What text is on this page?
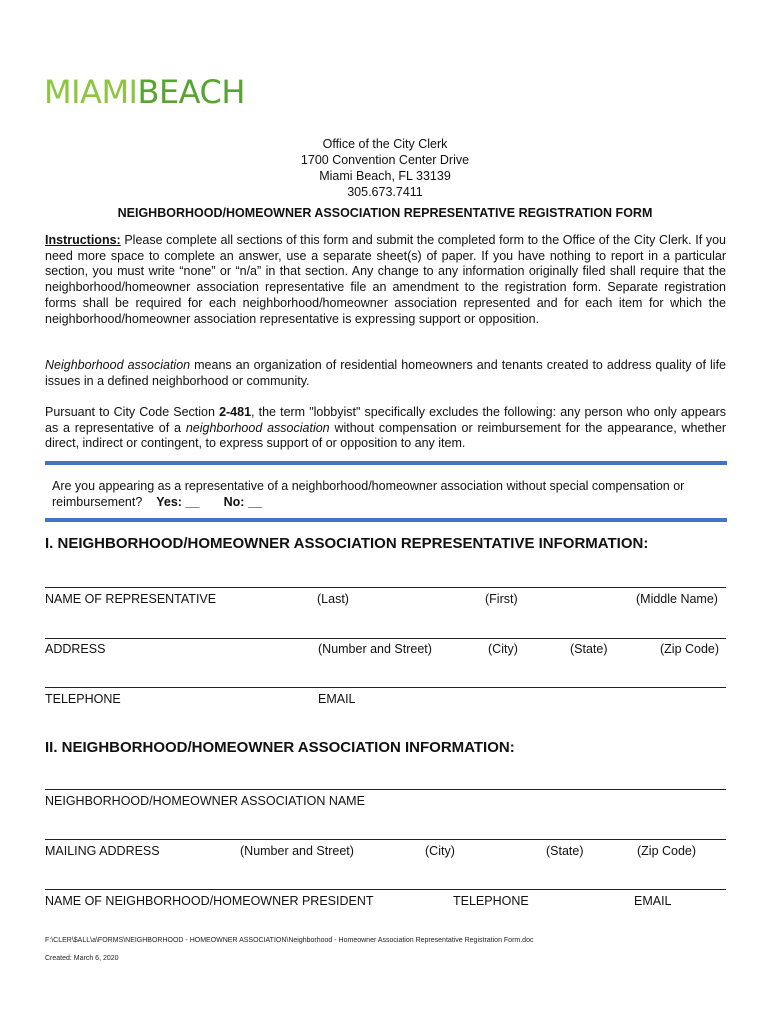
MIAMIBEACH
Office of the City Clerk
1700 Convention Center Drive
Miami Beach, FL 33139
305.673.7411
NEIGHBORHOOD/HOMEOWNER ASSOCIATION REPRESENTATIVE REGISTRATION FORM
Instructions: Please complete all sections of this form and submit the completed form to the Office of the City Clerk. If you need more space to complete an answer, use a separate sheet(s) of paper. If you have nothing to report in a particular section, you must write “none” or “n/a” in that section. Any change to any information originally filed shall require that the neighborhood/homeowner association representative file an amendment to the registration form. Separate registration forms shall be required for each neighborhood/homeowner association represented and for each item for which the neighborhood/homeowner association representative is expressing support or opposition.
Neighborhood association means an organization of residential homeowners and tenants created to address quality of life issues in a defined neighborhood or community.
Pursuant to City Code Section 2-481, the term "lobbyist" specifically excludes the following: any person who only appears as a representative of a neighborhood association without compensation or reimbursement for the appearance, whether direct, indirect or contingent, to express support of or opposition to any item.
Are you appearing as a representative of a neighborhood/homeowner association without special compensation or reimbursement? Yes: __ No: __
I. NEIGHBORHOOD/HOMEOWNER ASSOCIATION REPRESENTATIVE INFORMATION:
NAME OF REPRESENTATIVE	(Last)	(First)	(Middle Name)
ADDRESS	(Number and Street)	(City)	(State)	(Zip Code)
TELEPHONE	EMAIL
II. NEIGHBORHOOD/HOMEOWNER ASSOCIATION INFORMATION:
NEIGHBORHOOD/HOMEOWNER ASSOCIATION NAME
MAILING ADDRESS	(Number and Street)	(City)	(State)	(Zip Code)
NAME OF NEIGHBORHOOD/HOMEOWNER PRESIDENT	TELEPHONE	EMAIL
F:\CLER\$ALL\a\FORMS\NEIGHBORHOOD - HOMEOWNER ASSOCIATION\Neighborhood - Homeowner Association Representative Registration Form.doc
Created: March 6, 2020
